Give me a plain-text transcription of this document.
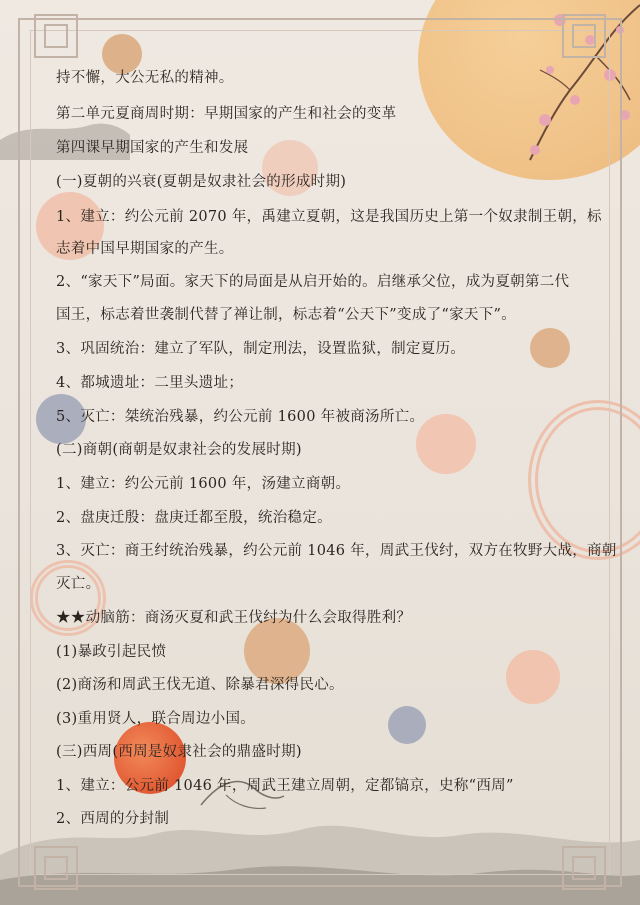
持不懈，大公无私的精神。
第二单元夏商周时期：早期国家的产生和社会的变革
第四课早期国家的产生和发展
(一)夏朝的兴衰(夏朝是奴隶社会的形成时期)
1、建立：约公元前 2070 年，禹建立夏朝，这是我国历史上第一个奴隶制王朝，标
志着中国早期国家的产生。
2、“家天下”局面。家天下的局面是从启开始的。启继承父位，成为夏朝第二代
国王，标志着世袭制代替了禅让制，标志着“公天下”变成了“家天下”。
3、巩固统治：建立了军队，制定刑法，设置监狱，制定夏历。
4、都城遗址：二里头遗址；
5、灭亡：桀统治残暴，约公元前 1600 年被商汤所亡。
(二)商朝(商朝是奴隶社会的发展时期)
1、建立：约公元前 1600 年，汤建立商朝。
2、盘庚迁殷：盘庚迁都至殷，统治稳定。
3、灭亡：商王纣统治残暴，约公元前 1046 年，周武王伐纣，双方在牧野大战，商朝
灭亡。
★★动脑筋：商汤灭夏和武王伐纣为什么会取得胜利？
(1)暴政引起民愤
(2)商汤和周武王伐无道、除暴君深得民心。
(3)重用贤人，联合周边小国。
(三)西周(西周是奴隶社会的鼎盛时期)
1、建立：公元前 1046 年，周武王建立周朝，定都镐京，史称“西周”
2、西周的分封制
